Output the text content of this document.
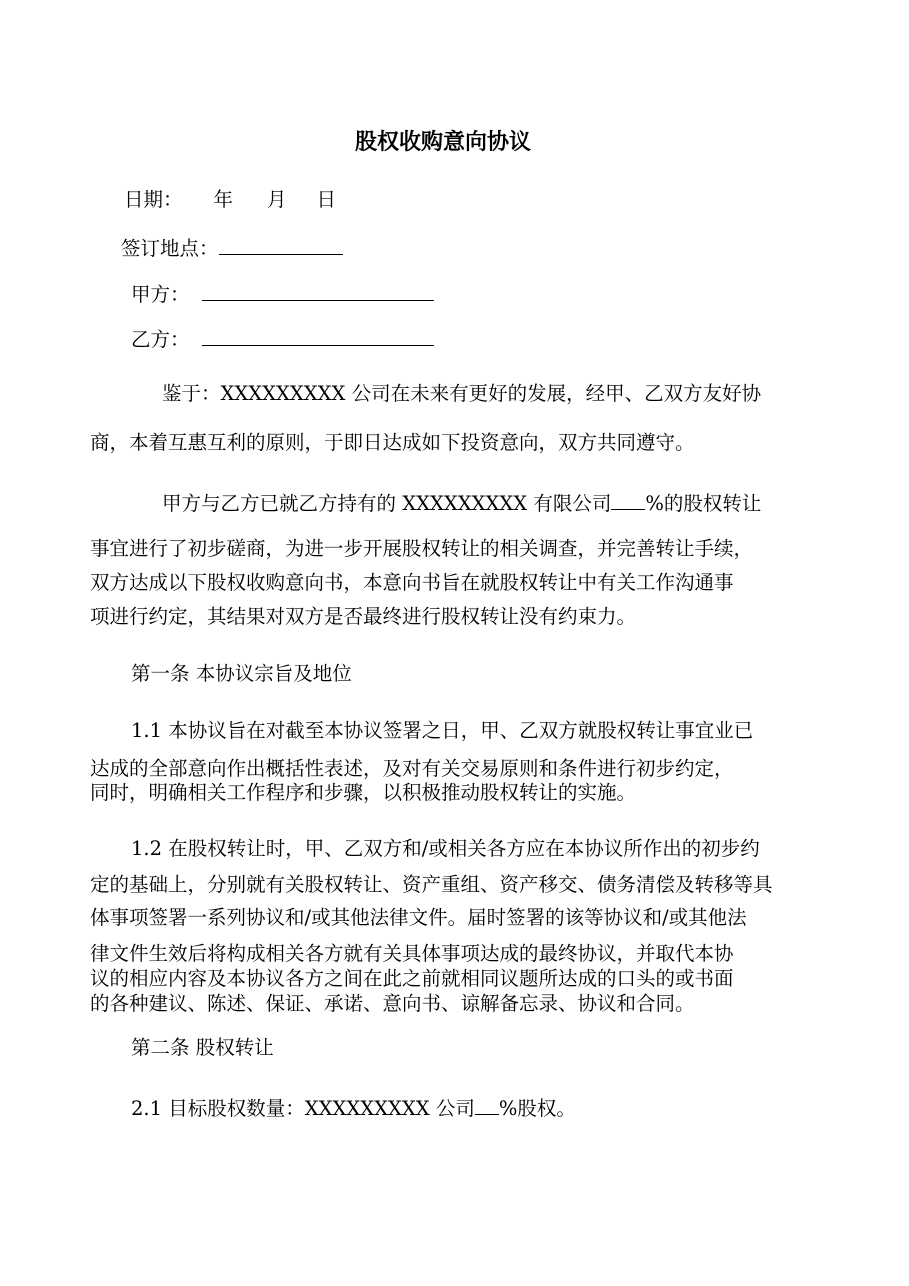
股权收购意向协议
日期： 年 月 日
签订地点：
甲方：
乙方：
鉴于：XXXXXXXXX 公司在未来有更好的发展，经甲、乙双方友好协
商，本着互惠互利的原则，于即日达成如下投资意向，双方共同遵守。
甲方与乙方已就乙方持有的 XXXXXXXXX 有限公司 %的股权转让
事宜进行了初步磋商，为进一步开展股权转让的相关调查，并完善转让手续，
双方达成以下股权收购意向书，本意向书旨在就股权转让中有关工作沟通事
项进行约定，其结果对双方是否最终进行股权转让没有约束力。
第一条 本协议宗旨及地位
1.1 本协议旨在对截至本协议签署之日，甲、乙双方就股权转让事宜业已
达成的全部意向作出概括性表述，及对有关交易原则和条件进行初步约定，
同时，明确相关工作程序和步骤，以积极推动股权转让的实施。
1.2 在股权转让时，甲、乙双方和/或相关各方应在本协议所作出的初步约
定的基础上，分别就有关股权转让、资产重组、资产移交、债务清偿及转移等具
体事项签署一系列协议和/或其他法律文件。届时签署的该等协议和/或其他法
律文件生效后将构成相关各方就有关具体事项达成的最终协议，并取代本协
议的相应内容及本协议各方之间在此之前就相同议题所达成的口头的或书面
的各种建议、陈述、保证、承诺、意向书、谅解备忘录、协议和合同。
第二条 股权转让
2.1 目标股权数量：XXXXXXXXX 公司 %股权。
